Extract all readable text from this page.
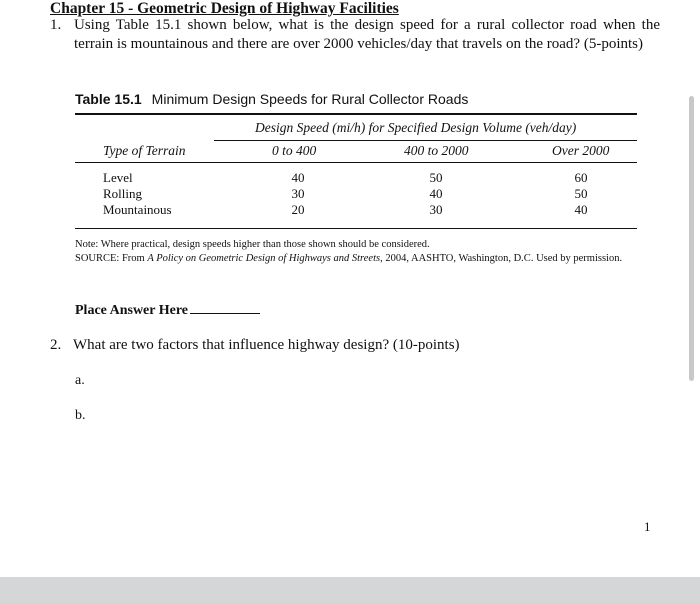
Chapter 15 - Geometric Design of Highway Facilities
1. Using Table 15.1 shown below, what is the design speed for a rural collector road when the terrain is mountainous and there are over 2000 vehicles/day that travels on the road? (5-points)
Table 15.1 Minimum Design Speeds for Rural Collector Roads
Design Speed (mi/h) for Specified Design Volume (veh/day)
Type of Terrain	0 to 400	400 to 2000	Over 2000
Level	40	50	60
Rolling	30	40	50
Mountainous	20	30	40
Note: Where practical, design speeds higher than those shown should be considered.
SOURCE: From A Policy on Geometric Design of Highways and Streets, 2004, AASHTO, Washington, D.C. Used by permission.
Place Answer Here
2. What are two factors that influence highway design? (10-points)
a.
b.
1
